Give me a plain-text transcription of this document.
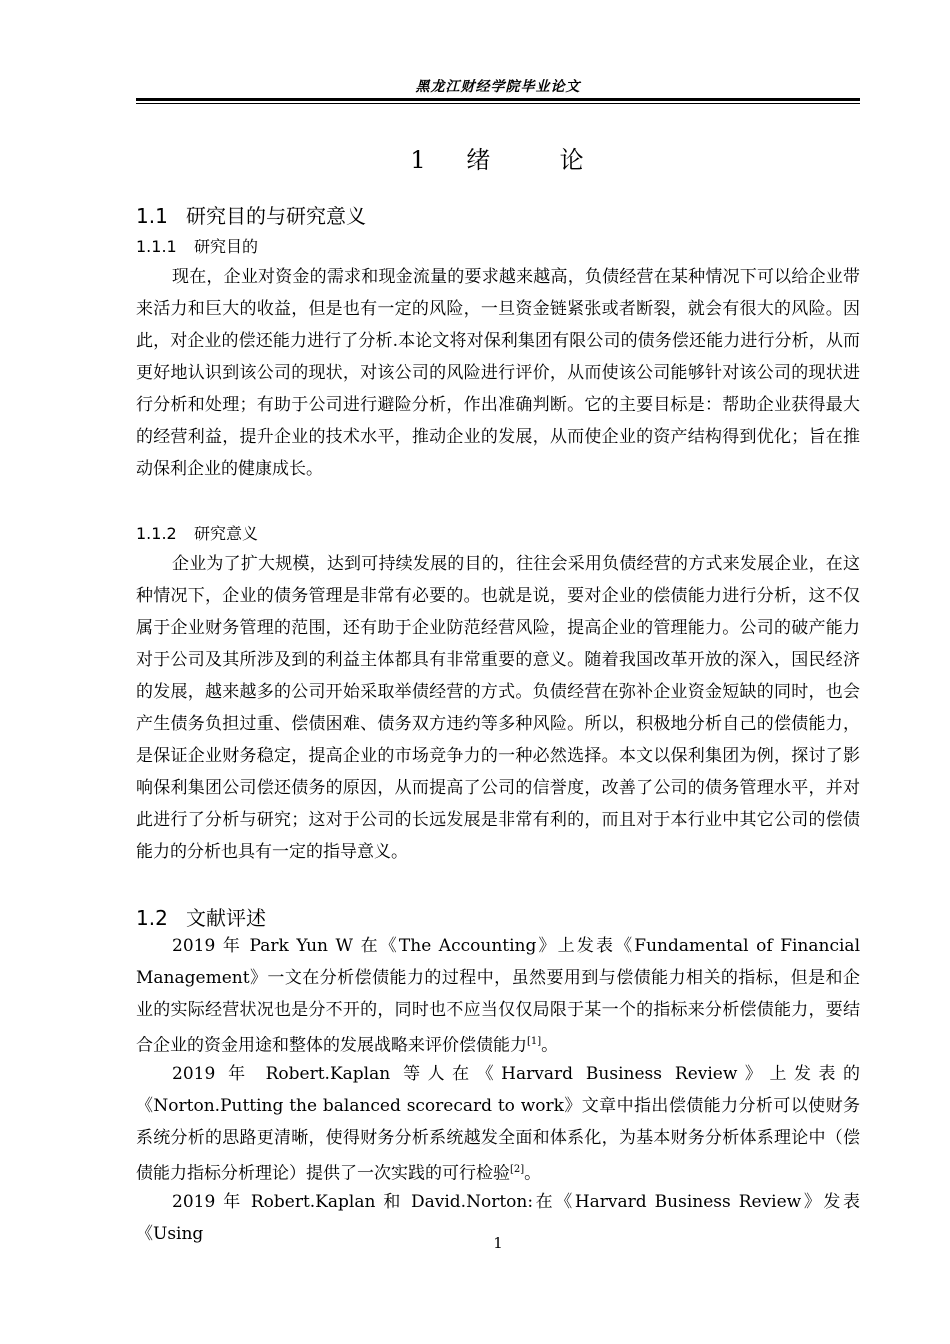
黑龙江财经学院毕业论文
1    绪       论
1.1 研究目的与研究意义
1.1.1 研究目的

现在，企业对资金的需求和现金流量的要求越来越高，负债经营在某种情况下可以给企业带来活力和巨大的收益，但是也有一定的风险，一旦资金链紧张或者断裂，就会有很大的风险。因此，对企业的偿还能力进行了分析.本论文将对保利集团有限公司的债务偿还能力进行分析，从而更好地认识到该公司的现状，对该公司的风险进行评价，从而使该公司能够针对该公司的现状进行分析和处理；有助于公司进行避险分析，作出准确判断。它的主要目标是：帮助企业获得最大的经营利益，提升企业的技术水平，推动企业的发展，从而使企业的资产结构得到优化；旨在推动保利企业的健康成长。

1.1.2 研究意义

企业为了扩大规模，达到可持续发展的目的，往往会采用负债经营的方式来发展企业，在这种情况下，企业的债务管理是非常有必要的。也就是说，要对企业的偿债能力进行分析，这不仅属于企业财务管理的范围，还有助于企业防范经营风险，提高企业的管理能力。公司的破产能力对于公司及其所涉及到的利益主体都具有非常重要的意义。随着我国改革开放的深入，国民经济的发展，越来越多的公司开始采取举债经营的方式。负债经营在弥补企业资金短缺的同时，也会产生债务负担过重、偿债困难、债务双方违约等多种风险。所以，积极地分析自己的偿债能力，是保证企业财务稳定，提高企业的市场竞争力的一种必然选择。本文以保利集团为例，探讨了影响保利集团公司偿还债务的原因，从而提高了公司的信誉度，改善了公司的债务管理水平，并对此进行了分析与研究；这对于公司的长远发展是非常有利的，而且对于本行业中其它公司的偿债能力的分析也具有一定的指导意义。

1.2 文献评述

2019 年 Park Yun W 在《The Accounting》上发表《Fundamental of Financial Management》一文在分析偿债能力的过程中，虽然要用到与偿债能力相关的指标，但是和企业的实际经营状况也是分不开的，同时也不应当仅仅局限于某一个的指标来分析偿债能力，要结合企业的资金用途和整体的发展战略来评价偿债能力[1]。

2019 年 Robert.Kaplan 等人在《Harvard Business Review》上发表的《Norton.Putting the balanced scorecard to work》文章中指出偿债能力分析可以使财务系统分析的思路更清晰，使得财务分析系统越发全面和体系化，为基本财务分析体系理论中（偿债能力指标分析理论）提供了一次实践的可行检验[2]。

2019 年 Robert.Kaplan 和 David.Norton:在《Harvard Business Review》发表《Using	1
